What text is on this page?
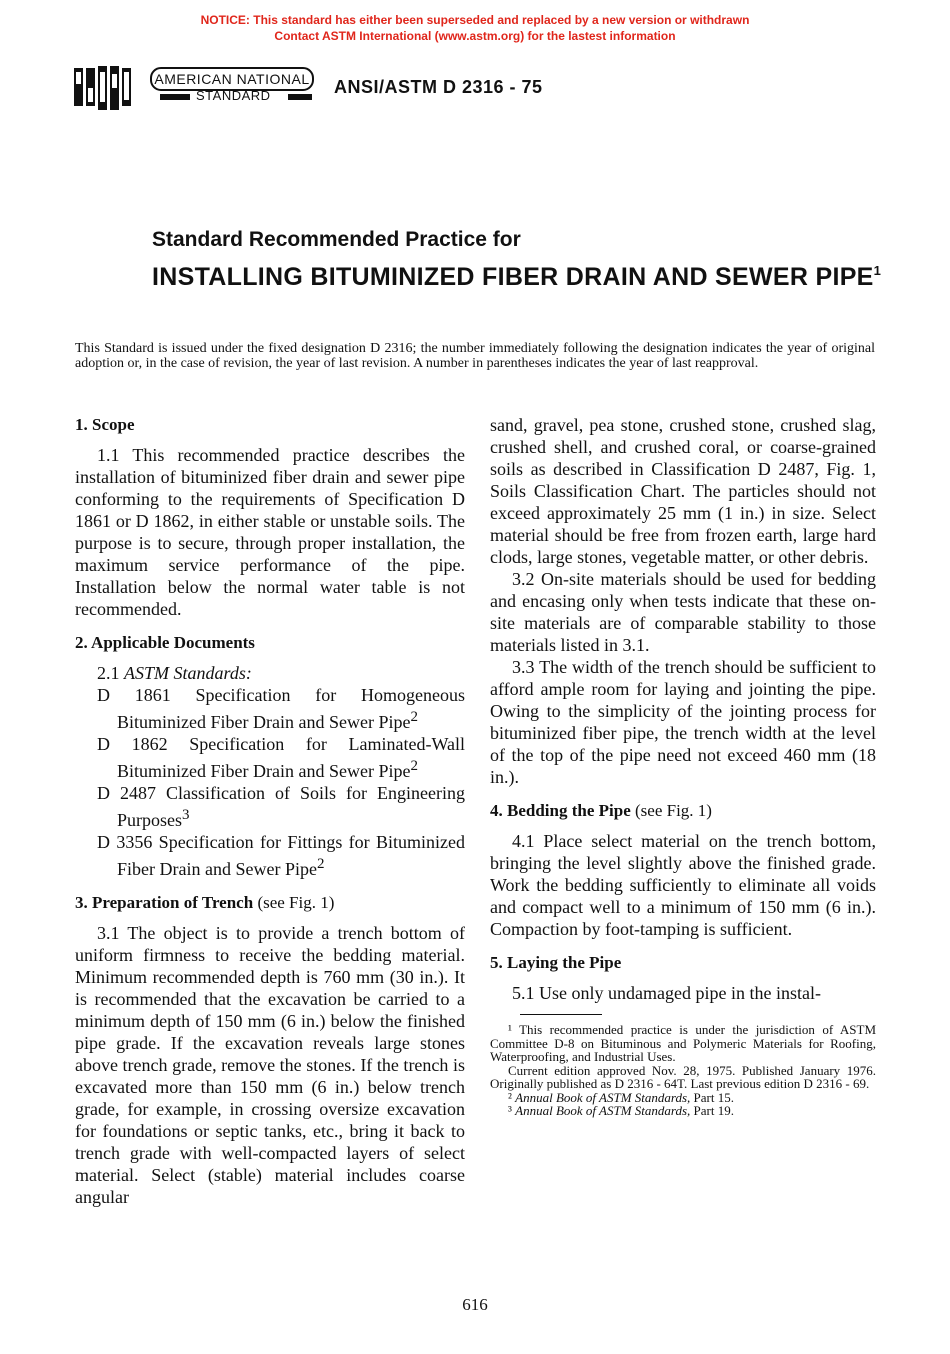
NOTICE: This standard has either been superseded and replaced by a new version or withdrawn
Contact ASTM International (www.astm.org) for the lastest information
AMERICAN NATIONAL
STANDARD	ANSI/ASTM D 2316 - 75
Standard Recommended Practice for
INSTALLING BITUMINIZED FIBER DRAIN AND SEWER PIPE$^1$
This Standard is issued under the fixed designation D 2316; the number immediately following the designation indicates the year of original adoption or, in the case of revision, the year of last revision. A number in parentheses indicates the year of last reapproval.

1. Scope

1.1 This recommended practice describes the installation of bituminized fiber drain and sewer pipe conforming to the requirements of Specification D 1861 or D 1862, in either stable or unstable soils. The purpose is to secure, through proper installation, the maximum service performance of the pipe. Installation below the normal water table is not recommended.

2. Applicable Documents

2.1 ASTM Standards:

D 1861 Specification for Homogeneous Bituminized Fiber Drain and Sewer Pipe$^2$

D 1862 Specification for Laminated-Wall Bituminized Fiber Drain and Sewer Pipe$^2$

D 2487 Classification of Soils for Engineering Purposes$^3$

D 3356 Specification for Fittings for Bituminized Fiber Drain and Sewer Pipe$^2$

3. Preparation of Trench (see Fig. 1)

3.1 The object is to provide a trench bottom of uniform firmness to receive the bedding material. Minimum recommended depth is 760 mm (30 in.). It is recommended that the excavation be carried to a minimum depth of 150 mm (6 in.) below the finished pipe grade. If the excavation reveals large stones above trench grade, remove the stones. If the trench is excavated more than 150 mm (6 in.) below trench grade, for example, in crossing oversize excavation for foundations or septic tanks, etc., bring it back to trench grade with well-compacted layers of select material. Select (stable) material includes coarse angular

sand, gravel, pea stone, crushed stone, crushed slag, crushed shell, and crushed coral, or coarse-grained soils as described in Classification D 2487, Fig. 1, Soils Classification Chart. The particles should not exceed approximately 25 mm (1 in.) in size. Select material should be free from frozen earth, large hard clods, large stones, vegetable matter, or other debris.

3.2 On-site materials should be used for bedding and encasing only when tests indicate that these on-site materials are of comparable stability to those materials listed in 3.1.

3.3 The width of the trench should be sufficient to afford ample room for laying and jointing the pipe. Owing to the simplicity of the jointing process for bituminized fiber pipe, the trench width at the level of the top of the pipe need not exceed 460 mm (18 in.).

4. Bedding the Pipe (see Fig. 1)

4.1 Place select material on the trench bottom, bringing the level slightly above the finished grade. Work the bedding sufficiently to eliminate all voids and compact well to a minimum of 150 mm (6 in.). Compaction by foot-tamping is sufficient.

5. Laying the Pipe

5.1 Use only undamaged pipe in the instal-

¹ This recommended practice is under the jurisdiction of ASTM Committee D-8 on Bituminous and Polymeric Materials for Roofing, Waterproofing, and Industrial Uses.

Current edition approved Nov. 28, 1975. Published January 1976. Originally published as D 2316 - 64T. Last previous edition D 2316 - 69.

² Annual Book of ASTM Standards, Part 15.

³ Annual Book of ASTM Standards, Part 19.

616
